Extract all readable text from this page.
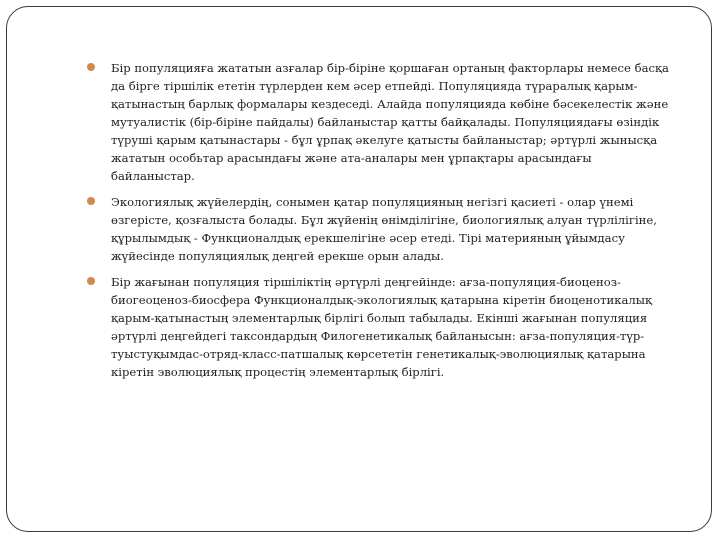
Бір популяцияға жататын азғалар бір-біріне қоршаған ортаның факторлары немесе басқа да бірге тіршілік ететін түрлерден кем әсер етпейді. Популяцияда түраралық қарым-қатынастың барлық формалары кездеседі. Алайда популяцияда көбіне бәсекелестік және мутуалистік (бір-біріне пайдалы) байланыстар қатты байқалады. Популяциядағы өзіндік түруші қарым қатынастары - бұл ұрпақ әкелуге қатысты байланыстар; әртүрлі жынысқа жататын особьтар арасындағы және ата-аналары мен ұрпақтары арасындағы байланыстар.
Экологиялық жүйелердің, сонымен қатар популяцияның негізгі қасиеті - олар үнемі өзгерісте, қозғалыста болады. Бұл жүйенің өнімділігіне, биологиялық алуан түрлілігіне, құрылымдық - Функционалдық ерекшелігіне әсер етеді. Тірі материяның ұйымдасу жүйесінде популяциялық деңгей ерекше орын алады.
Бір жағынан популяция тіршіліктің әртүрлі деңгейінде: ағза-популяция-биоценоз-биогеоценоз-биосфера Функционалдық-экологиялық қатарына кіретін биоценотикалық қарым-қатынастың элементарлық бірлігі болып табылады. Екінші жағынан популяция әртүрлі деңгейдегі таксондардың Филогенетикалық байланысын: ағза-популяция-түр-туыстуқымдас-отряд-класс-патшалық көрсететін генетикалық-эволюциялық қатарына кіретін эволюциялық процестің элементарлық бірлігі.
